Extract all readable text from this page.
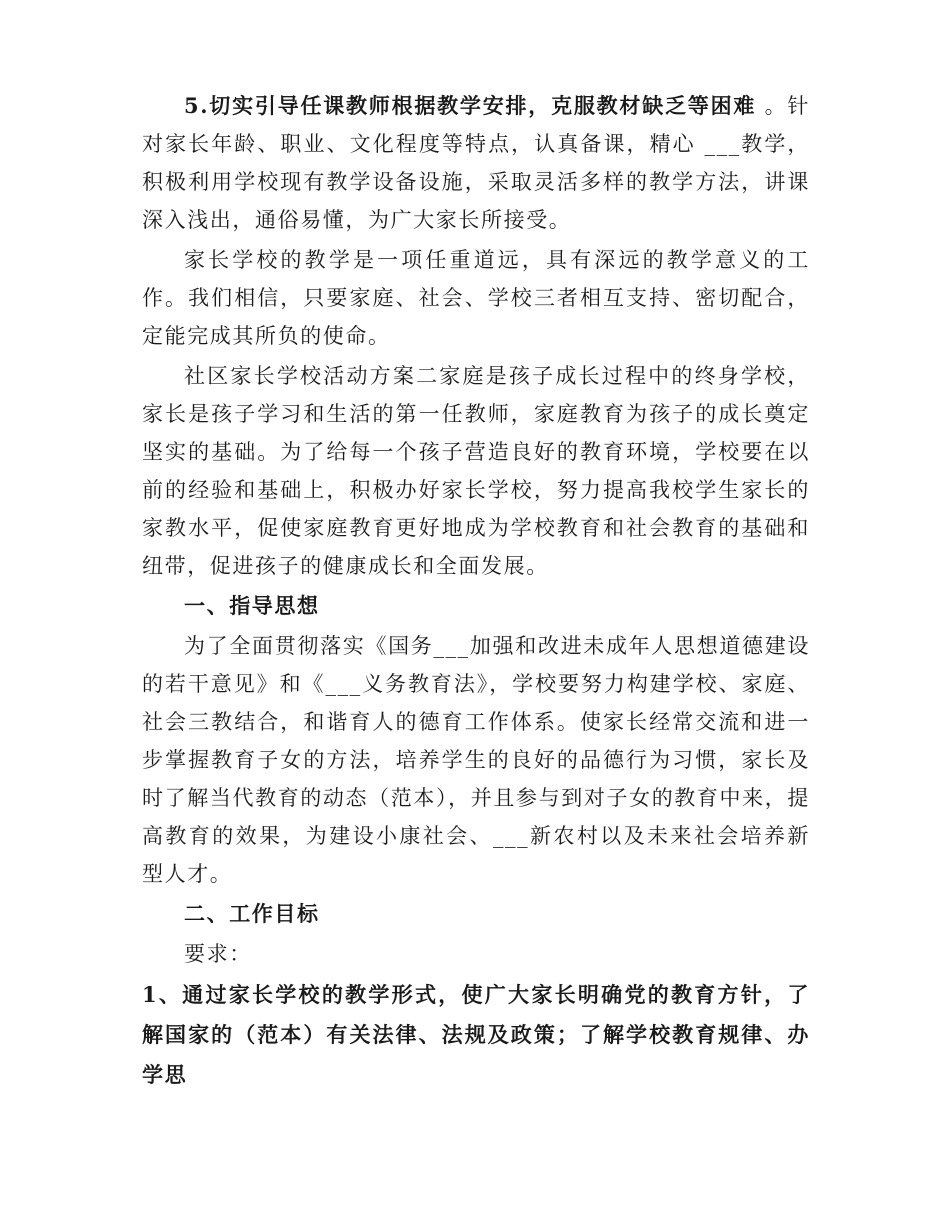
5.切实引导任课教师根据教学安排，克服教材缺乏等困难 。针对家长年龄、职业、文化程度等特点，认真备课，精心 ___教学，积极利用学校现有教学设备设施，采取灵活多样的教学方法，讲课深入浅出，通俗易懂，为广大家长所接受。

家长学校的教学是一项任重道远，具有深远的教学意义的工作。我们相信，只要家庭、社会、学校三者相互支持、密切配合，定能完成其所负的使命。

社区家长学校活动方案二家庭是孩子成长过程中的终身学校，家长是孩子学习和生活的第一任教师，家庭教育为孩子的成长奠定坚实的基础。为了给每一个孩子营造良好的教育环境，学校要在以前的经验和基础上，积极办好家长学校，努力提高我校学生家长的家教水平，促使家庭教育更好地成为学校教育和社会教育的基础和纽带，促进孩子的健康成长和全面发展。

一、指导思想

为了全面贯彻落实《国务___加强和改进未成年人思想道德建设的若干意见》和《___义务教育法》，学校要努力构建学校、家庭、社会三教结合，和谐育人的德育工作体系。使家长经常交流和进一步掌握教育子女的方法，培养学生的良好的品德行为习惯，家长及时了解当代教育的动态（范本），并且参与到对子女的教育中来，提高教育的效果，为建设小康社会、___新农村以及未来社会培养新型人才。

二、工作目标

要求：

1、通过家长学校的教学形式，使广大家长明确党的教育方针，了解国家的（范本）有关法律、法规及政策；了解学校教育规律、办学思
